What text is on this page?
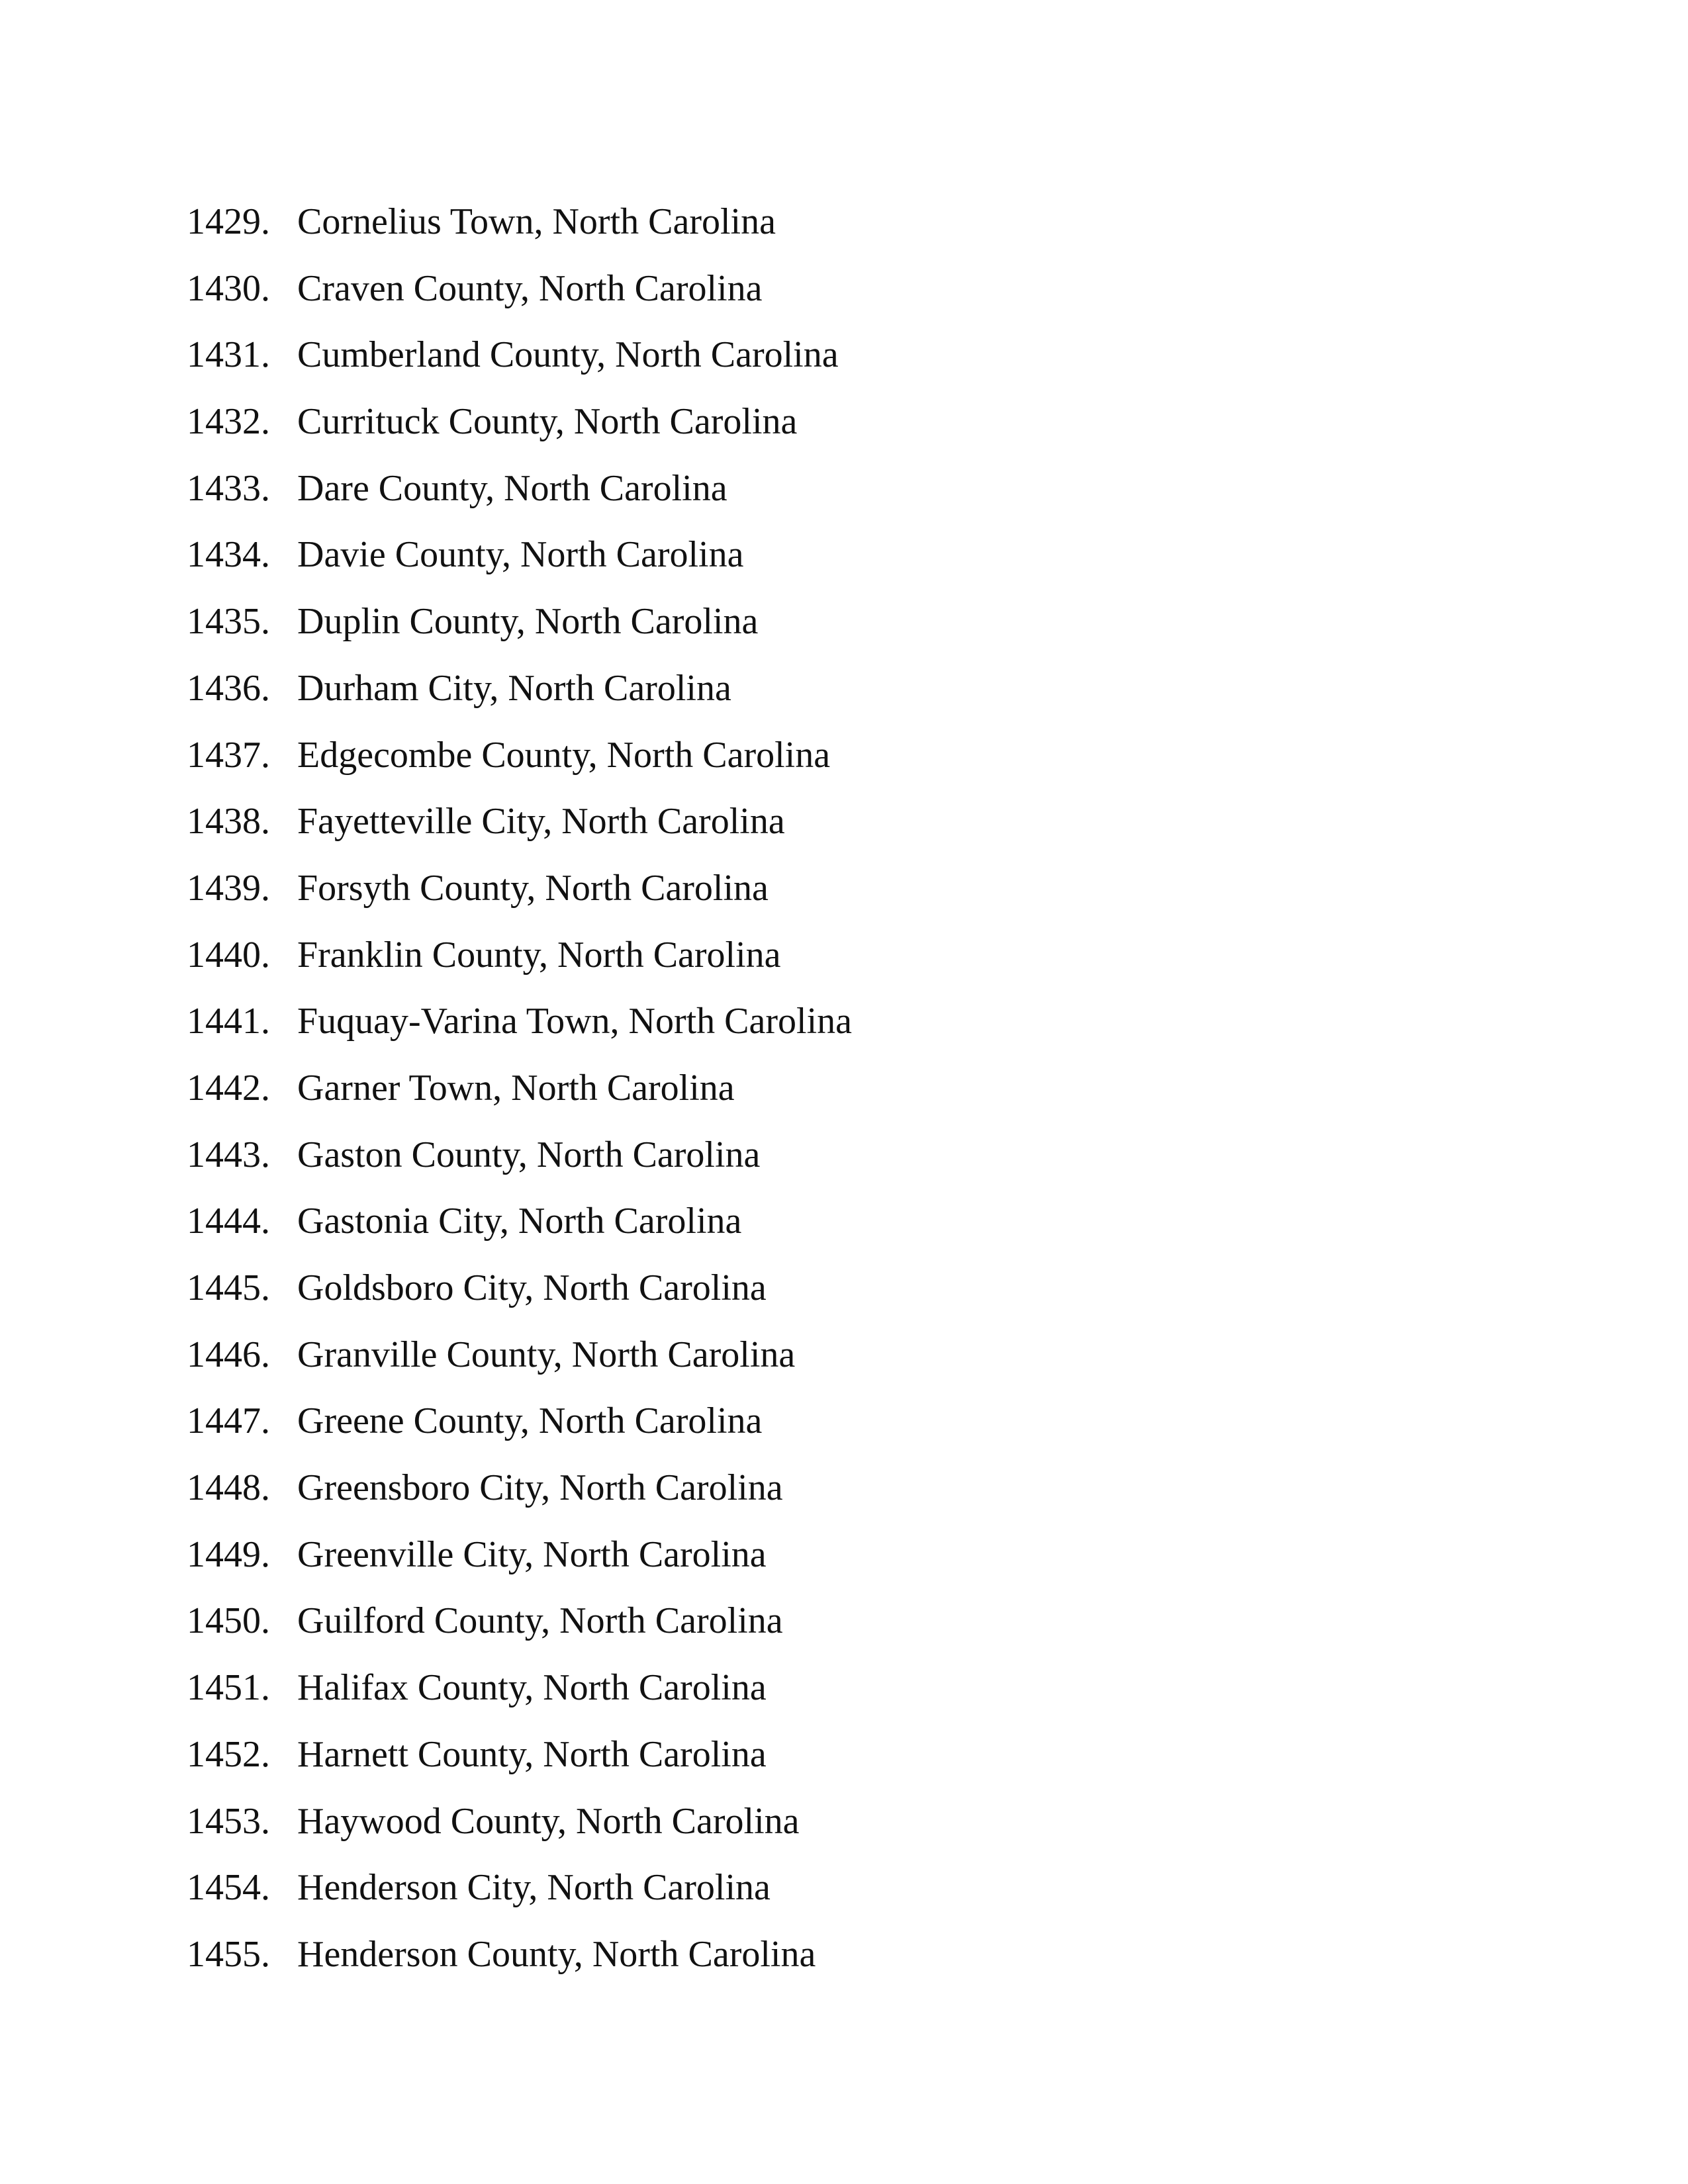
1429. Cornelius Town, North Carolina
1430. Craven County, North Carolina
1431. Cumberland County, North Carolina
1432. Currituck County, North Carolina
1433. Dare County, North Carolina
1434. Davie County, North Carolina
1435. Duplin County, North Carolina
1436. Durham City, North Carolina
1437. Edgecombe County, North Carolina
1438. Fayetteville City, North Carolina
1439. Forsyth County, North Carolina
1440. Franklin County, North Carolina
1441. Fuquay-Varina Town, North Carolina
1442. Garner Town, North Carolina
1443. Gaston County, North Carolina
1444. Gastonia City, North Carolina
1445. Goldsboro City, North Carolina
1446. Granville County, North Carolina
1447. Greene County, North Carolina
1448. Greensboro City, North Carolina
1449. Greenville City, North Carolina
1450. Guilford County, North Carolina
1451. Halifax County, North Carolina
1452. Harnett County, North Carolina
1453. Haywood County, North Carolina
1454. Henderson City, North Carolina
1455. Henderson County, North Carolina
